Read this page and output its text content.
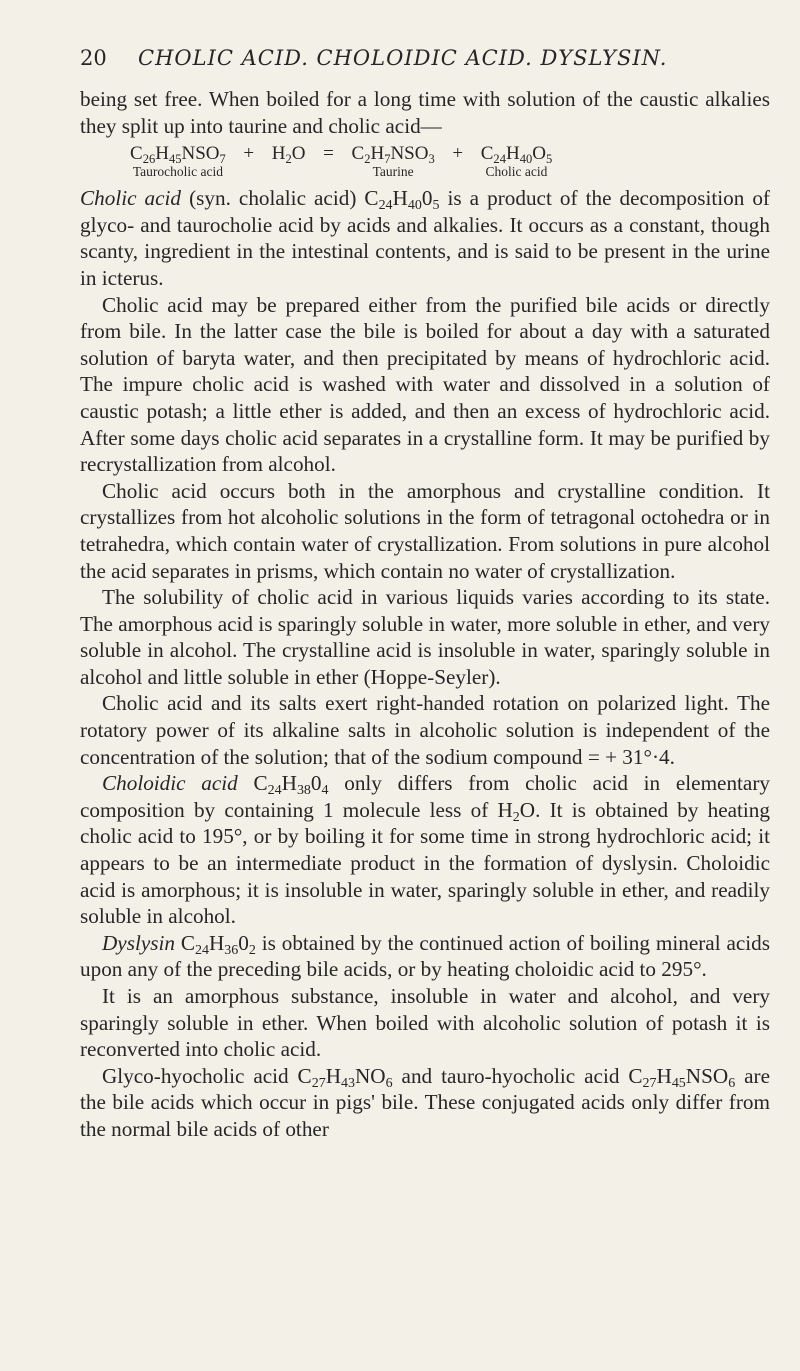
20	CHOLIC ACID. CHOLOIDIC ACID. DYSLYSIN.

being set free. When boiled for a long time with solution of the caustic alkalies they split up into taurine and cholic acid—

$C_{26}H_{45}NSO_7$
Taurocholic acid
+ $H_2O = C_2H_7NSO_3$
Taurine
+ $C_{24}H_{40}O_5$
Cholic acid

Cholic acid (syn. cholalic acid) $C_{24}H_{40}0_5$ is a product of the decomposition of glyco- and taurocholie acid by acids and alkalies. It occurs as a constant, though scanty, ingredient in the intestinal contents, and is said to be present in the urine in icterus.

Cholic acid may be prepared either from the purified bile acids or directly from bile. In the latter case the bile is boiled for about a day with a saturated solution of baryta water, and then precipitated by means of hydrochloric acid. The impure cholic acid is washed with water and dissolved in a solution of caustic potash; a little ether is added, and then an excess of hydrochloric acid. After some days cholic acid separates in a crystalline form. It may be purified by recrystallization from alcohol.

Cholic acid occurs both in the amorphous and crystalline condition. It crystallizes from hot alcoholic solutions in the form of tetragonal octohedra or in tetrahedra, which contain water of crystallization. From solutions in pure alcohol the acid separates in prisms, which contain no water of crystallization.

The solubility of cholic acid in various liquids varies according to its state. The amorphous acid is sparingly soluble in water, more soluble in ether, and very soluble in alcohol. The crystalline acid is insoluble in water, sparingly soluble in alcohol and little soluble in ether (Hoppe-Seyler).

Cholic acid and its salts exert right-handed rotation on polarized light. The rotatory power of its alkaline salts in alcoholic solution is independent of the concentration of the solution; that of the sodium compound = + 31°·4.

Choloidic acid $C_{24}H_{38}0_4$ only differs from cholic acid in elementary composition by containing 1 molecule less of $H_2O$. It is obtained by heating cholic acid to 195°, or by boiling it for some time in strong hydrochloric acid; it appears to be an intermediate product in the formation of dyslysin. Choloidic acid is amorphous; it is insoluble in water, sparingly soluble in ether, and readily soluble in alcohol.

Dyslysin $C_{24}H_{36}0_2$ is obtained by the continued action of boiling mineral acids upon any of the preceding bile acids, or by heating choloidic acid to 295°.

It is an amorphous substance, insoluble in water and alcohol, and very sparingly soluble in ether. When boiled with alcoholic solution of potash it is reconverted into cholic acid.

Glyco-hyocholic acid $C_{27}H_{43}NO_6$ and tauro-hyocholic acid $C_{27}H_{45}NSO_6$ are the bile acids which occur in pigs' bile. These conjugated acids only differ from the normal bile acids of other
